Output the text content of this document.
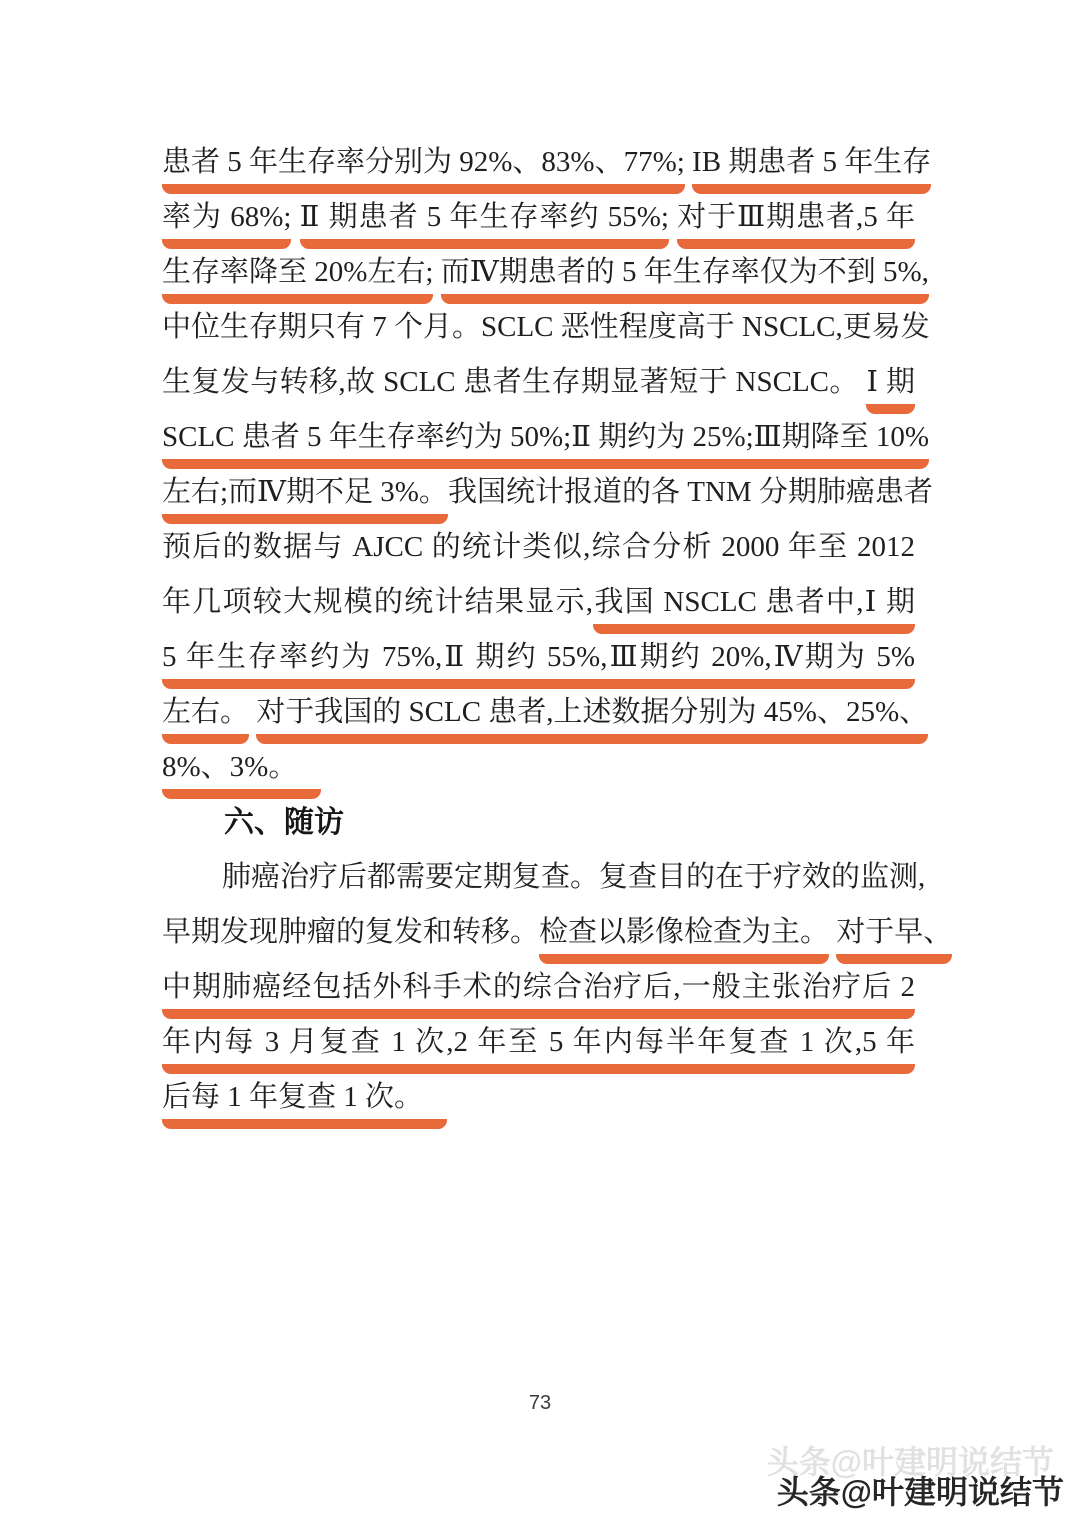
患者 5 年生存率分别为 92%、83%、77%; IB 期患者 5 年生存
率为 68%; Ⅱ 期患者 5 年生存率约 55%; 对于Ⅲ期患者,5 年
生存率降至 20%左右; 而Ⅳ期患者的 5 年生存率仅为不到 5%,
中位生存期只有 7 个月。SCLC 恶性程度高于 NSCLC,更易发
生复发与转移,故 SCLC 患者生存期显著短于 NSCLC。 Ⅰ 期
SCLC 患者 5 年生存率约为 50%;Ⅱ 期约为 25%;Ⅲ期降至 10%
左右;而Ⅳ期不足 3%。我国统计报道的各 TNM 分期肺癌患者
预后的数据与 AJCC 的统计类似,综合分析 2000 年至 2012
年几项较大规模的统计结果显示,我国 NSCLC 患者中,Ⅰ 期
5 年生存率约为 75%,Ⅱ 期约 55%,Ⅲ期约 20%,Ⅳ期为 5%
左右。 对于我国的 SCLC 患者,上述数据分别为 45%、25%、
8%、3%。
六、随访
肺癌治疗后都需要定期复查。复查目的在于疗效的监测,
早期发现肿瘤的复发和转移。检查以影像检查为主。 对于早、
中期肺癌经包括外科手术的综合治疗后,一般主张治疗后 2
年内每 3 月复查 1 次,2 年至 5 年内每半年复查 1 次,5 年
后每 1 年复查 1 次。
73
头条@叶建明说结节
头条@叶建明说结节
